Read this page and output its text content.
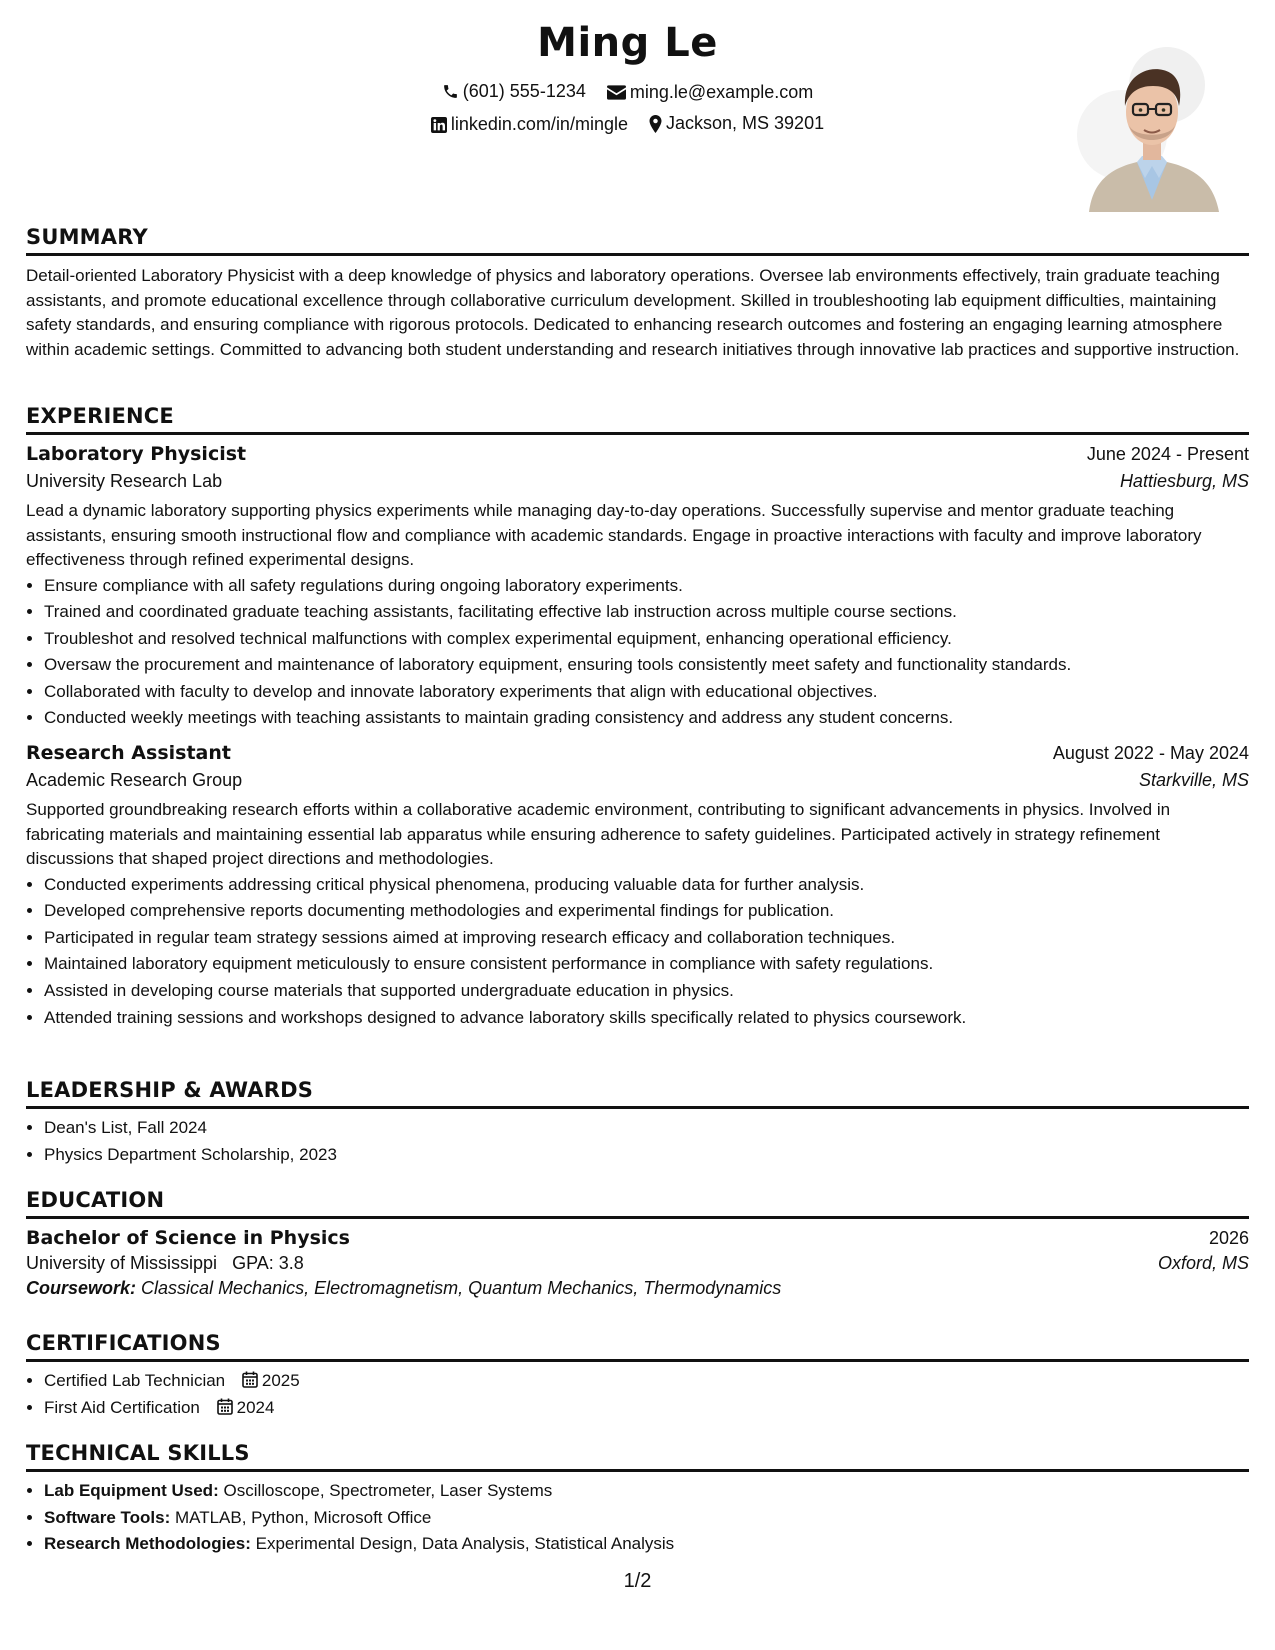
Ming Le
(601) 555-1234
ming.le@example.com
linkedin.com/in/mingle
Jackson, MS 39201
SUMMARY
Detail-oriented Laboratory Physicist with a deep knowledge of physics and laboratory operations. Oversee lab environments effectively, train graduate teaching assistants, and promote educational excellence through collaborative curriculum development. Skilled in troubleshooting lab equipment difficulties, maintaining safety standards, and ensuring compliance with rigorous protocols. Dedicated to enhancing research outcomes and fostering an engaging learning atmosphere within academic settings. Committed to advancing both student understanding and research initiatives through innovative lab practices and supportive instruction.
EXPERIENCE
Laboratory Physicist	June 2024 - Present
University Research Lab	Hattiesburg, MS
Lead a dynamic laboratory supporting physics experiments while managing day-to-day operations. Successfully supervise and mentor graduate teaching assistants, ensuring smooth instructional flow and compliance with academic standards. Engage in proactive interactions with faculty and improve laboratory effectiveness through refined experimental designs.
• Ensure compliance with all safety regulations during ongoing laboratory experiments.
• Trained and coordinated graduate teaching assistants, facilitating effective lab instruction across multiple course sections.
• Troubleshot and resolved technical malfunctions with complex experimental equipment, enhancing operational efficiency.
• Oversaw the procurement and maintenance of laboratory equipment, ensuring tools consistently meet safety and functionality standards.
• Collaborated with faculty to develop and innovate laboratory experiments that align with educational objectives.
• Conducted weekly meetings with teaching assistants to maintain grading consistency and address any student concerns.
Research Assistant	August 2022 - May 2024
Academic Research Group	Starkville, MS
Supported groundbreaking research efforts within a collaborative academic environment, contributing to significant advancements in physics. Involved in fabricating materials and maintaining essential lab apparatus while ensuring adherence to safety guidelines. Participated actively in strategy refinement discussions that shaped project directions and methodologies.
• Conducted experiments addressing critical physical phenomena, producing valuable data for further analysis.
• Developed comprehensive reports documenting methodologies and experimental findings for publication.
• Participated in regular team strategy sessions aimed at improving research efficacy and collaboration techniques.
• Maintained laboratory equipment meticulously to ensure consistent performance in compliance with safety regulations.
• Assisted in developing course materials that supported undergraduate education in physics.
• Attended training sessions and workshops designed to advance laboratory skills specifically related to physics coursework.
LEADERSHIP & AWARDS
• Dean's List, Fall 2024
• Physics Department Scholarship, 2023
EDUCATION
Bachelor of Science in Physics	2026
University of Mississippi GPA: 3.8	Oxford, MS
Coursework: Classical Mechanics, Electromagnetism, Quantum Mechanics, Thermodynamics
CERTIFICATIONS
• Certified Lab Technician 2025
• First Aid Certification 2024
TECHNICAL SKILLS
• Lab Equipment Used: Oscilloscope, Spectrometer, Laser Systems
• Software Tools: MATLAB, Python, Microsoft Office
• Research Methodologies: Experimental Design, Data Analysis, Statistical Analysis
1/2
